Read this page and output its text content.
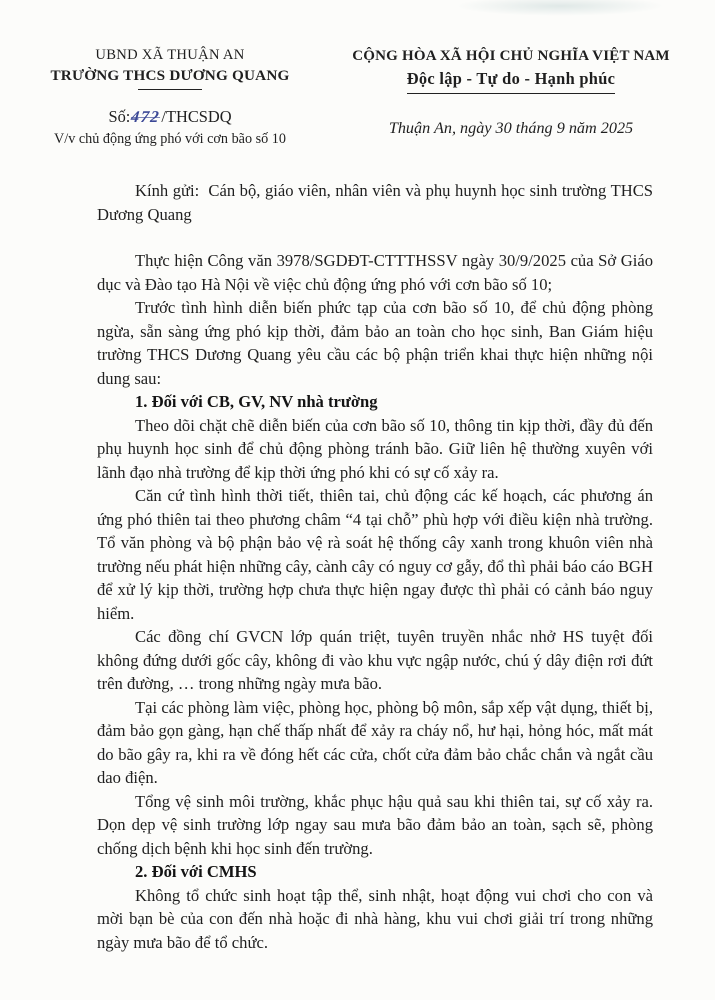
UBND XÃ THUẬN AN
TRƯỜNG THCS DƯƠNG QUANG
Số:472/THCSDQ
V/v chủ động ứng phó với cơn bão số 10
CỘNG HÒA XÃ HỘI CHỦ NGHĨA VIỆT NAM
Độc lập - Tự do - Hạnh phúc
Thuận An, ngày 30 tháng 9 năm 2025

Kính gửi:  Cán bộ, giáo viên, nhân viên và phụ huynh học sinh trường THCS Dương Quang

Thực hiện Công văn 3978/SGDĐT-CTTTHSSV ngày 30/9/2025 của Sở Giáo dục và Đào tạo Hà Nội về việc chủ động ứng phó với cơn bão số 10;

Trước tình hình diễn biến phức tạp của cơn bão số 10, để chủ động phòng ngừa, sẵn sàng ứng phó kịp thời, đảm bảo an toàn cho học sinh, Ban Giám hiệu trường THCS Dương Quang yêu cầu các bộ phận triển khai thực hiện những nội dung sau:

1. Đối với CB, GV, NV nhà trường

Theo dõi chặt chẽ diễn biến của cơn bão số 10, thông tin kịp thời, đầy đủ đến phụ huynh học sinh để chủ động phòng tránh bão. Giữ liên hệ thường xuyên với lãnh đạo nhà trường để kịp thời ứng phó khi có sự cố xảy ra.

Căn cứ tình hình thời tiết, thiên tai, chủ động các kế hoạch, các phương án ứng phó thiên tai theo phương châm “4 tại chỗ” phù hợp với điều kiện nhà trường. Tổ văn phòng và bộ phận bảo vệ rà soát hệ thống cây xanh trong khuôn viên nhà trường nếu phát hiện những cây, cành cây có nguy cơ gẫy, đổ thì phải báo cáo BGH để xử lý kịp thời, trường hợp chưa thực hiện ngay được thì phải có cảnh báo nguy hiểm.

Các đồng chí GVCN lớp quán triệt, tuyên truyền nhắc nhở HS tuyệt đối không đứng dưới gốc cây, không đi vào khu vực ngập nước, chú ý dây điện rơi đứt trên đường, … trong những ngày mưa bão.

Tại các phòng làm việc, phòng học, phòng bộ môn, sắp xếp vật dụng, thiết bị, đảm bảo gọn gàng, hạn chế thấp nhất để xảy ra cháy nổ, hư hại, hỏng hóc, mất mát do bão gây ra, khi ra về đóng hết các cửa, chốt cửa đảm bảo chắc chắn và ngắt cầu dao điện.

Tổng vệ sinh môi trường, khắc phục hậu quả sau khi thiên tai, sự cố xảy ra. Dọn dẹp vệ sinh trường lớp ngay sau mưa bão đảm bảo an toàn, sạch sẽ, phòng chống dịch bệnh khi học sinh đến trường.

2. Đối với CMHS

Không tổ chức sinh hoạt tập thể, sinh nhật, hoạt động vui chơi cho con và mời bạn bè của con đến nhà hoặc đi nhà hàng, khu vui chơi giải trí trong những ngày mưa bão để tổ chức.
